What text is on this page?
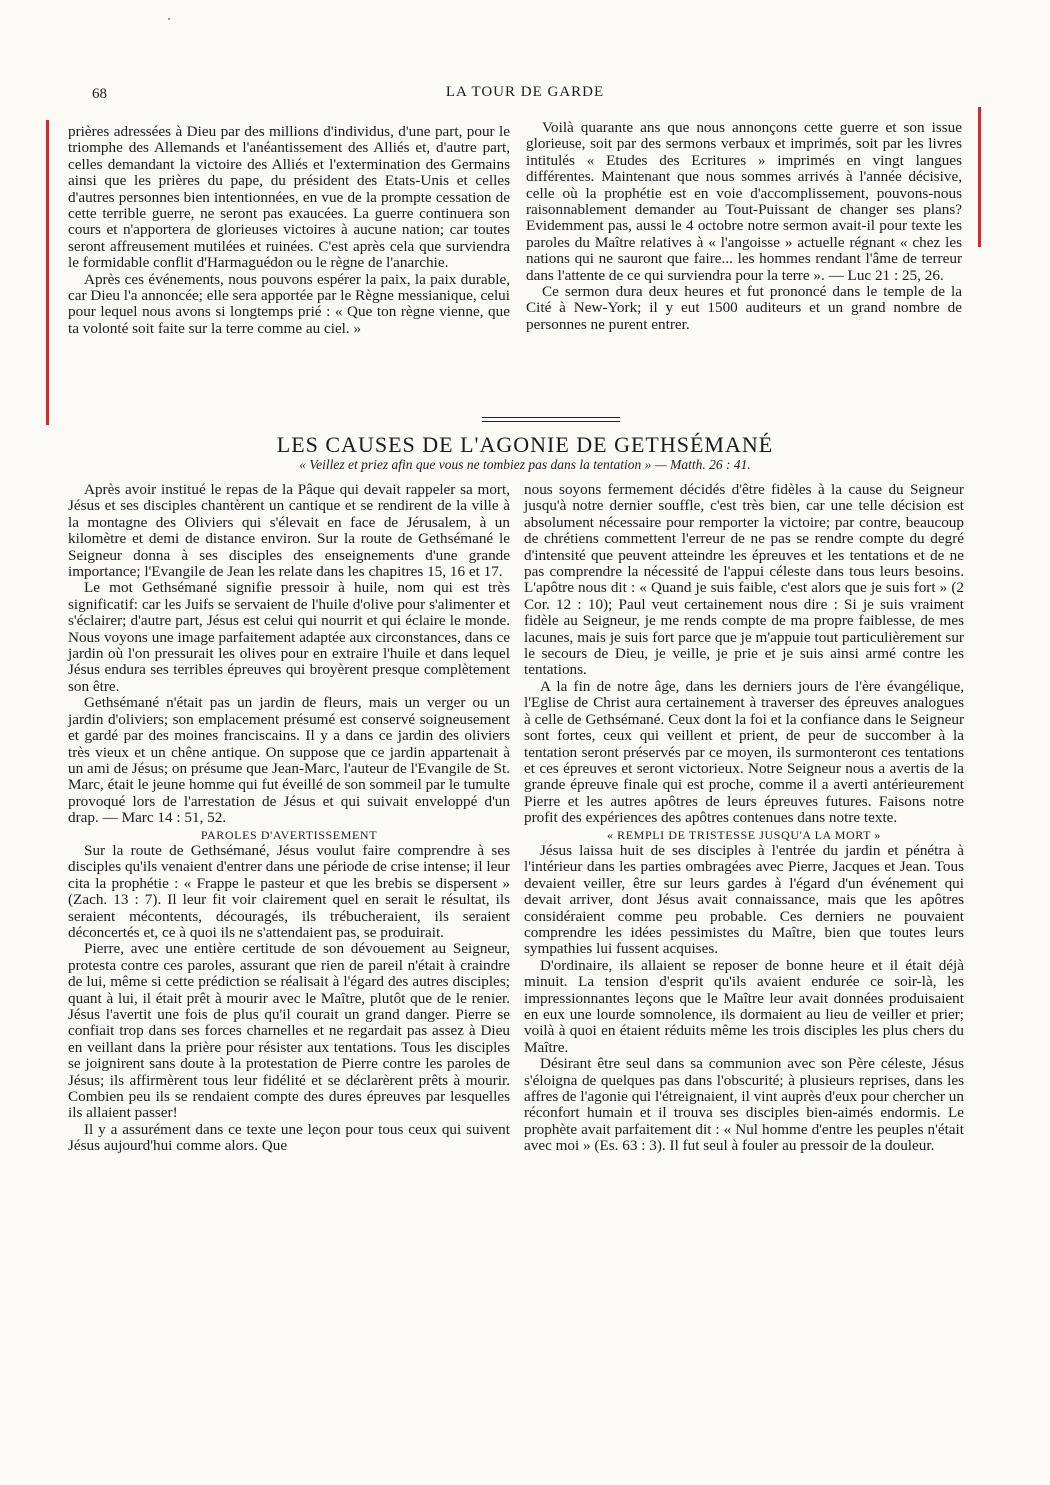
68	LA TOUR DE GARDE

prières adressées à Dieu par des millions d'individus, d'une part, pour le triomphe des Allemands et l'anéantissement des Alliés et, d'autre part, celles demandant la victoire des Alliés et l'extermination des Germains ainsi que les prières du pape, du président des Etats-Unis et celles d'autres personnes bien intentionnées, en vue de la prompte cessation de cette terrible guerre, ne seront pas exaucées. La guerre continuera son cours et n'apportera de glorieuses victoires à aucune nation; car toutes seront affreusement mutilées et ruinées. C'est après cela que surviendra le formidable conflit d'Harmaguédon ou le règne de l'anarchie.

Après ces événements, nous pouvons espérer la paix, la paix durable, car Dieu l'a annoncée; elle sera apportée par le Règne messianique, celui pour lequel nous avons si longtemps prié : « Que ton règne vienne, que ta volonté soit faite sur la terre comme au ciel. »

Voilà quarante ans que nous annonçons cette guerre et son issue glorieuse, soit par des sermons verbaux et imprimés, soit par les livres intitulés « Etudes des Ecritures » imprimés en vingt langues différentes. Maintenant que nous sommes arrivés à l'année décisive, celle où la prophétie est en voie d'accomplissement, pouvons-nous raisonnablement demander au Tout-Puissant de changer ses plans? Evidemment pas, aussi le 4 octobre notre sermon avait-il pour texte les paroles du Maître relatives à « l'angoisse » actuelle régnant « chez les nations qui ne sauront que faire... les hommes rendant l'âme de terreur dans l'attente de ce qui surviendra pour la terre ». — Luc 21 : 25, 26.

Ce sermon dura deux heures et fut prononcé dans le temple de la Cité à New-York; il y eut 1500 auditeurs et un grand nombre de personnes ne purent entrer.

LES CAUSES DE L'AGONIE DE GETHSÉMANÉ
« Veillez et priez afin que vous ne tombiez pas dans la tentation » — Matth. 26 : 41.

Après avoir institué le repas de la Pâque qui devait rappeler sa mort, Jésus et ses disciples chantèrent un cantique et se rendirent de la ville à la montagne des Oliviers qui s'élevait en face de Jérusalem, à un kilomètre et demi de distance environ. Sur la route de Gethsémané le Seigneur donna à ses disciples des enseignements d'une grande importance; l'Evangile de Jean les relate dans les chapitres 15, 16 et 17.

Le mot Gethsémané signifie pressoir à huile, nom qui est très significatif: car les Juifs se servaient de l'huile d'olive pour s'alimenter et s'éclairer; d'autre part, Jésus est celui qui nourrit et qui éclaire le monde. Nous voyons une image parfaitement adaptée aux circonstances, dans ce jardin où l'on pressurait les olives pour en extraire l'huile et dans lequel Jésus endura ses terribles épreuves qui broyèrent presque complètement son être.

Gethsémané n'était pas un jardin de fleurs, mais un verger ou un jardin d'oliviers; son emplacement présumé est conservé soigneusement et gardé par des moines franciscains. Il y a dans ce jardin des oliviers très vieux et un chêne antique. On suppose que ce jardin appartenait à un ami de Jésus; on présume que Jean-Marc, l'auteur de l'Evangile de St. Marc, était le jeune homme qui fut éveillé de son sommeil par le tumulte provoqué lors de l'arrestation de Jésus et qui suivait enveloppé d'un drap. — Marc 14 : 51, 52.

PAROLES D'AVERTISSEMENT

Sur la route de Gethsémané, Jésus voulut faire comprendre à ses disciples qu'ils venaient d'entrer dans une période de crise intense; il leur cita la prophétie : « Frappe le pasteur et que les brebis se dispersent » (Zach. 13 : 7). Il leur fit voir clairement quel en serait le résultat, ils seraient mécontents, découragés, ils trébucheraient, ils seraient déconcertés et, ce à quoi ils ne s'attendaient pas, se produirait.

Pierre, avec une entière certitude de son dévouement au Seigneur, protesta contre ces paroles, assurant que rien de pareil n'était à craindre de lui, même si cette prédiction se réalisait à l'égard des autres disciples; quant à lui, il était prêt à mourir avec le Maître, plutôt que de le renier. Jésus l'avertit une fois de plus qu'il courait un grand danger. Pierre se confiait trop dans ses forces charnelles et ne regardait pas assez à Dieu en veillant dans la prière pour résister aux tentations. Tous les disciples se joignirent sans doute à la protestation de Pierre contre les paroles de Jésus; ils affirmèrent tous leur fidélité et se déclarèrent prêts à mourir. Combien peu ils se rendaient compte des dures épreuves par lesquelles ils allaient passer!

Il y a assurément dans ce texte une leçon pour tous ceux qui suivent Jésus aujourd'hui comme alors. Que

nous soyons fermement décidés d'être fidèles à la cause du Seigneur jusqu'à notre dernier souffle, c'est très bien, car une telle décision est absolument nécessaire pour remporter la victoire; par contre, beaucoup de chrétiens commettent l'erreur de ne pas se rendre compte du degré d'intensité que peuvent atteindre les épreuves et les tentations et de ne pas comprendre la nécessité de l'appui céleste dans tous leurs besoins. L'apôtre nous dit : « Quand je suis faible, c'est alors que je suis fort » (2 Cor. 12 : 10); Paul veut certainement nous dire : Si je suis vraiment fidèle au Seigneur, je me rends compte de ma propre faiblesse, de mes lacunes, mais je suis fort parce que je m'appuie tout particulièrement sur le secours de Dieu, je veille, je prie et je suis ainsi armé contre les tentations.

A la fin de notre âge, dans les derniers jours de l'ère évangélique, l'Eglise de Christ aura certainement à traverser des épreuves analogues à celle de Gethsémané. Ceux dont la foi et la confiance dans le Seigneur sont fortes, ceux qui veillent et prient, de peur de succomber à la tentation seront préservés par ce moyen, ils surmonteront ces tentations et ces épreuves et seront victorieux. Notre Seigneur nous a avertis de la grande épreuve finale qui est proche, comme il a averti antérieurement Pierre et les autres apôtres de leurs épreuves futures. Faisons notre profit des expériences des apôtres contenues dans notre texte.

« REMPLI DE TRISTESSE JUSQU'A LA MORT »

Jésus laissa huit de ses disciples à l'entrée du jardin et pénétra à l'intérieur dans les parties ombragées avec Pierre, Jacques et Jean. Tous devaient veiller, être sur leurs gardes à l'égard d'un événement qui devait arriver, dont Jésus avait connaissance, mais que les apôtres considéraient comme peu probable. Ces derniers ne pouvaient comprendre les idées pessimistes du Maître, bien que toutes leurs sympathies lui fussent acquises.

D'ordinaire, ils allaient se reposer de bonne heure et il était déjà minuit. La tension d'esprit qu'ils avaient endurée ce soir-là, les impressionnantes leçons que le Maître leur avait données produisaient en eux une lourde somnolence, ils dormaient au lieu de veiller et prier; voilà à quoi en étaient réduits même les trois disciples les plus chers du Maître.

Désirant être seul dans sa communion avec son Père céleste, Jésus s'éloigna de quelques pas dans l'obscurité; à plusieurs reprises, dans les affres de l'agonie qui l'étreignaient, il vint auprès d'eux pour chercher un réconfort humain et il trouva ses disciples bien-aimés endormis. Le prophète avait parfaitement dit : « Nul homme d'entre les peuples n'était avec moi » (Es. 63 : 3). Il fut seul à fouler au pressoir de la douleur.
